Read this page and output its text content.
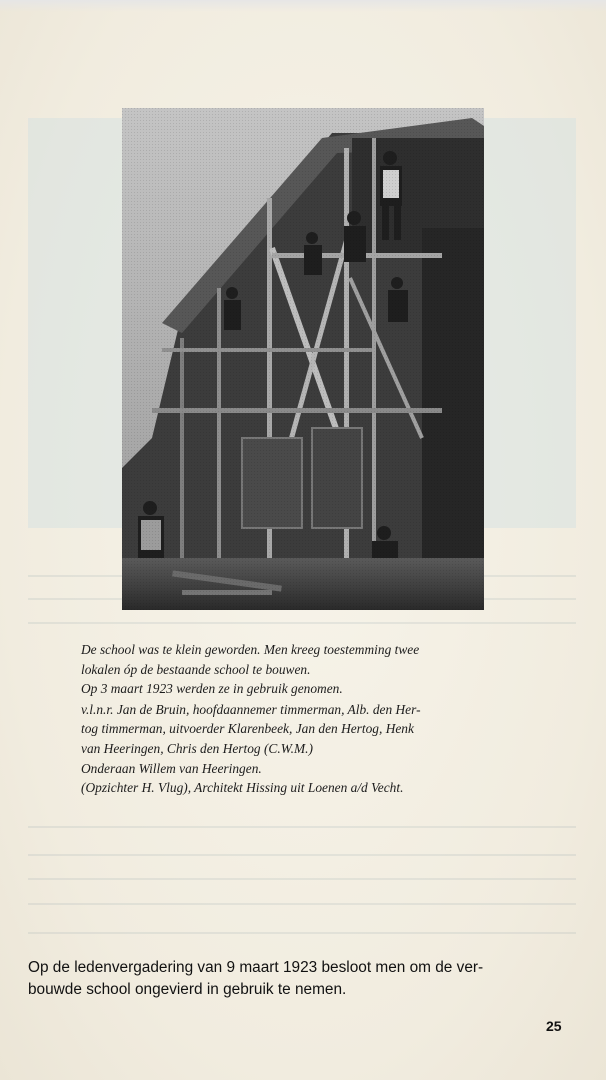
De school was te klein geworden. Men kreeg toestemming twee

lokalen óp de bestaande school te bouwen.

Op 3 maart 1923 werden ze in gebruik genomen.

v.l.n.r. Jan de Bruin, hoofdaannemer timmerman, Alb. den Her-

tog timmerman, uitvoerder Klarenbeek, Jan den Hertog, Henk

van Heeringen, Chris den Hertog (C.W.M.)

Onderaan Willem van Heeringen.

(Opzichter H. Vlug), Architekt Hissing uit Loenen a/d Vecht.

Op de ledenvergadering van 9 maart 1923 besloot men om de ver-
bouwde school ongevierd in gebruik te nemen.
25
